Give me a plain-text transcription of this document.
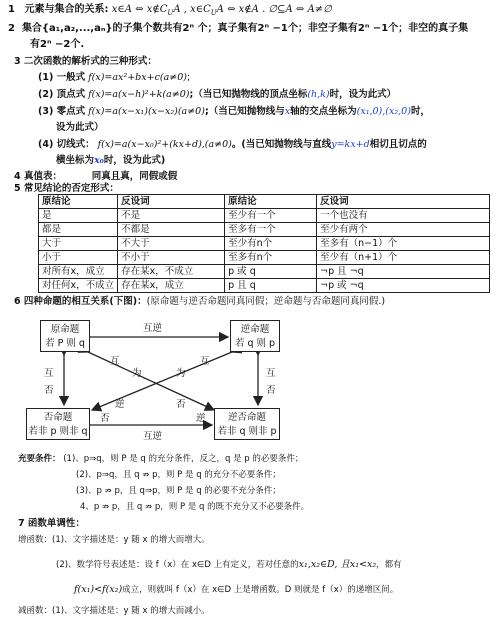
1 元素与集合的关系: x∈A ⇔ $x\notin C_UA$ , $x\in C_UA$ ⇔ x∉A . ∅⊆A ⇔ A≠∅
2 集合{a₁,a₂,...,aₙ}的子集个数共有2ⁿ 个；真子集有2ⁿ −1个；非空子集有2ⁿ −1个；非空的真子集
有2ⁿ −2个.
3 二次函数的解析式的三种形式：
(1) 一般式 f(x)=ax²+bx+c(a≠0);
(2) 顶点式 f(x)=a(x−h)²+k(a≠0);（当已知抛物线的顶点坐标(h,k)时，设为此式）
(3) 零点式 f(x)=a(x−x₁)(x−x₂)(a≠0);（当已知抛物线与x轴的交点坐标为(x₁,0),(x₂,0)时，
设为此式）
(4) 切线式： f(x)=a(x−x₀)²+(kx+d),(a≠0)。(当已知抛物线与直线y=kx+d相切且切点的
横坐标为x₀时，设为此式)
4 真值表：	同真且真，同假或假
5 常见结论的否定形式：
原结论	反设词	原结论	反设词
是	不是	至少有一个	一个也没有
都是	不都是	至多有一个	至少有两个
大于	不大于	至少有n个	至多有（n−1）个
小于	不小于	至多有n个	至少有（n+1）个
对所有x，成立	存在某x，不成立	p 或 q	¬p 且 ¬q
对任何x，不成立	存在某x，成立	p 且 q	¬p 或 ¬q
6 四种命题的相互关系(下图)：(原命题与逆否命题同真同假；逆命题与否命题同真同假.)
原命题
若 P 则 q
逆命题
若 q 则 p
否命题
若非 p 则非 q
逆否命题
若非 q 则非 p
互逆
互逆
互
否
互
否
互
为
逆
否
为
互
否
逆
充要条件： (1)、p⇒q，则 P 是 q 的充分条件，反之，q 是 p 的必要条件；
(2)、p⇒q，且 q ⇏ p，则 P 是 q 的充分不必要条件；
(3)、p ⇏ p，且 q⇒p，则 P 是 q 的必要不充分条件；
4、p ⇏ p，且 q ⇏ p，则 P 是 q 的既不充分又不必要条件。
7 函数单调性：
增函数：(1)、文字描述是：y 随 x 的增大而增大。
(2)、数学符号表述是：设 f（x）在 x∈D 上有定义，若对任意的x₁,x₂∈D, 且x₁<x₂，都有
f(x₁)<f(x₂)成立，则就叫 f（x）在 x∈D 上是增函数。D 则就是 f（x）的递增区间。
减函数：(1)、文字描述是：y 随 x 的增大而减小。
